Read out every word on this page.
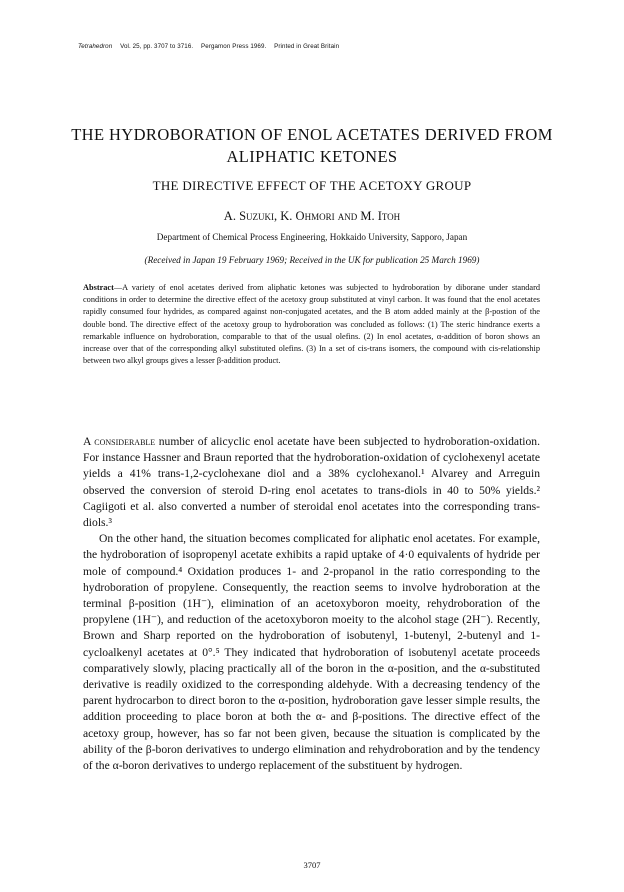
Tetrahedron Vol. 25, pp. 3707 to 3716. Pergamon Press 1969. Printed in Great Britain
THE HYDROBORATION OF ENOL ACETATES DERIVED FROM ALIPHATIC KETONES
THE DIRECTIVE EFFECT OF THE ACETOXY GROUP
A. Suzuki, K. Ohmori and M. Itoh
Department of Chemical Process Engineering, Hokkaido University, Sapporo, Japan
(Received in Japan 19 February 1969; Received in the UK for publication 25 March 1969)
Abstract—A variety of enol acetates derived from aliphatic ketones was subjected to hydroboration by diborane under standard conditions in order to determine the directive effect of the acetoxy group substituted at vinyl carbon. It was found that the enol acetates rapidly consumed four hydrides, as compared against non-conjugated acetates, and the B atom added mainly at the β-postion of the double bond. The directive effect of the acetoxy group to hydroboration was concluded as follows: (1) The steric hindrance exerts a remarkable influence on hydroboration, comparable to that of the usual olefins. (2) In enol acetates, α-addition of boron shows an increase over that of the corresponding alkyl substituted olefins. (3) In a set of cis-trans isomers, the compound with cis-relationship between two alkyl groups gives a lesser β-addition product.

A considerable number of alicyclic enol acetate have been subjected to hydroboration-oxidation. For instance Hassner and Braun reported that the hydroboration-oxidation of cyclohexenyl acetate yields a 41% trans-1,2-cyclohexane diol and a 38% cyclohexanol.¹ Alvarey and Arreguin observed the conversion of steroid D-ring enol acetates to trans-diols in 40 to 50% yields.² Cagiigoti et al. also converted a number of steroidal enol acetates into the corresponding trans-diols.³

On the other hand, the situation becomes complicated for aliphatic enol acetates. For example, the hydroboration of isopropenyl acetate exhibits a rapid uptake of 4·0 equivalents of hydride per mole of compound.⁴ Oxidation produces 1- and 2-propanol in the ratio corresponding to the hydroboration of propylene. Consequently, the reaction seems to involve hydroboration at the terminal β-position (1H⁻), elimination of an acetoxyboron moeity, rehydroboration of the propylene (1H⁻), and reduction of the acetoxyboron moeity to the alcohol stage (2H⁻). Recently, Brown and Sharp reported on the hydroboration of isobutenyl, 1-butenyl, 2-butenyl and 1-cycloalkenyl acetates at 0°.⁵ They indicated that hydroboration of isobutenyl acetate proceeds comparatively slowly, placing practically all of the boron in the α-position, and the α-substituted derivative is readily oxidized to the corresponding aldehyde. With a decreasing tendency of the parent hydrocarbon to direct boron to the α-position, hydroboration gave lesser simple results, the addition proceeding to place boron at both the α- and β-positions. The directive effect of the acetoxy group, however, has so far not been given, because the situation is complicated by the ability of the β-boron derivatives to undergo elimination and rehydroboration and by the tendency of the α-boron derivatives to undergo replacement of the substituent by hydrogen.

3707
